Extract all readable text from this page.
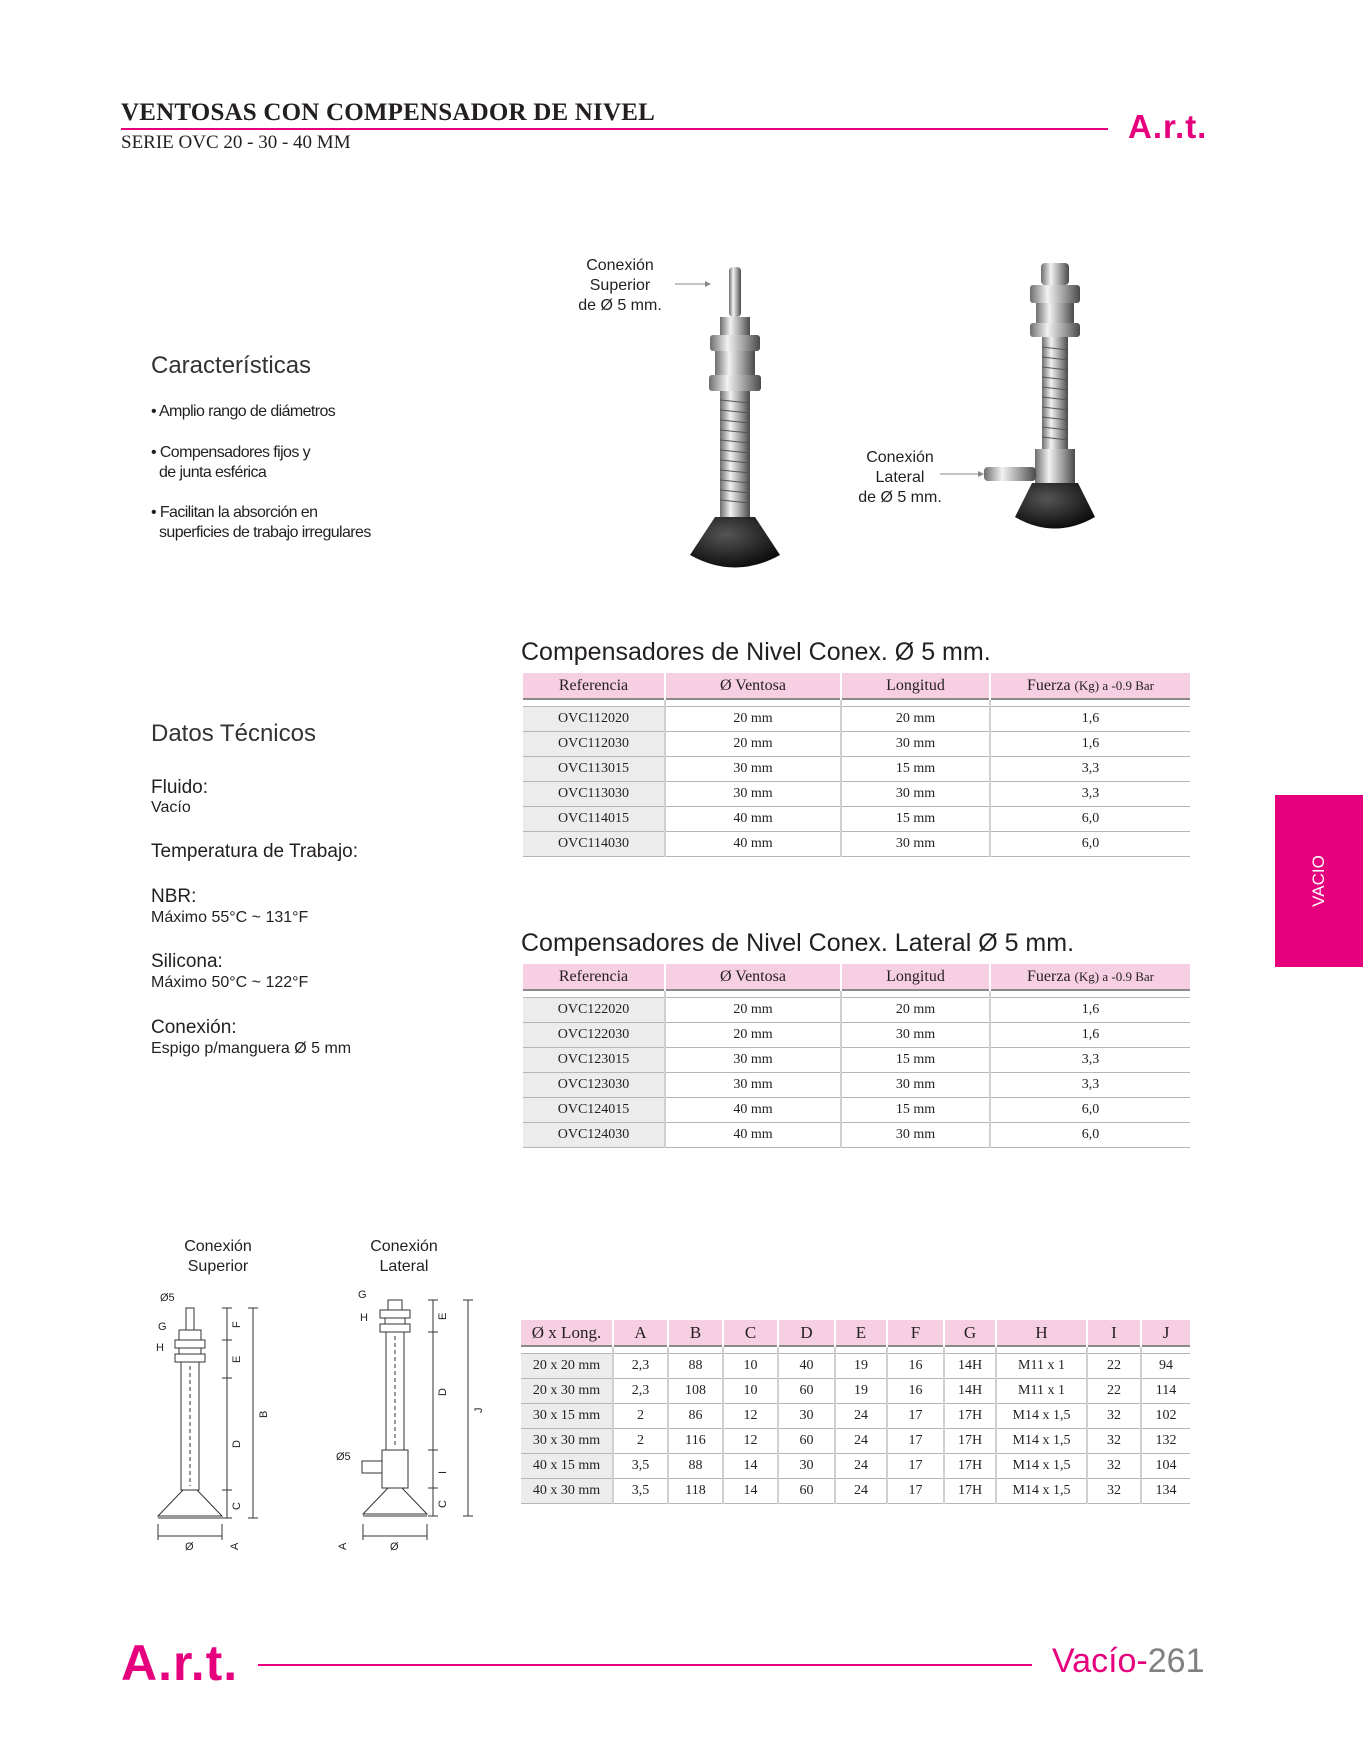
VENTOSAS CON COMPENSADOR DE NIVEL
SERIE OVC 20 - 30 - 40 MM	A.r.t.
VACIO
Características
• Amplio rango de diámetros
• Compensadores fijos y
de junta esférica
• Facilitan la absorción en
superficies de trabajo irregulares
Conexión
Superior
de Ø 5 mm.
Conexión
Lateral
de Ø 5 mm.
Datos Técnicos
Fluido:
Vacío
Temperatura de Trabajo:
NBR:
Máximo 55°C ~ 131°F
Silicona:
Máximo 50°C ~ 122°F
Conexión:
Espigo p/manguera Ø 5 mm
Compensadores de Nivel Conex. Ø 5 mm.
Referencia	Ø Ventosa	Longitud	Fuerza (Kg) a -0.9 Bar

OVC112020	20 mm	20 mm	1,6
OVC112030	20 mm	30 mm	1,6
OVC113015	30 mm	15 mm	3,3
OVC113030	30 mm	30 mm	3,3
OVC114015	40 mm	15 mm	6,0
OVC114030	40 mm	30 mm	6,0
Compensadores de Nivel Conex. Lateral Ø 5 mm.
Referencia	Ø Ventosa	Longitud	Fuerza (Kg) a -0.9 Bar

OVC122020	20 mm	20 mm	1,6
OVC122030	20 mm	30 mm	1,6
OVC123015	30 mm	15 mm	3,3
OVC123030	30 mm	30 mm	3,3
OVC124015	40 mm	15 mm	6,0
OVC124030	40 mm	30 mm	6,0
Conexión
Superior
Conexión
Lateral
Ø5
G
H
F
E
D
C
B
Ø	A
G
H
Ø5
E
D
I
C
J
Ø
A
Ø x Long.	A	B	C	D	E	F	G	H	I	J

20 x 20 mm	2,3	88	10	40	19	16	14H	M11 x 1	22	94
20 x 30 mm	2,3	108	10	60	19	16	14H	M11 x 1	22	114
30 x 15 mm	2	86	12	30	24	17	17H	M14 x 1,5	32	102
30 x 30 mm	2	116	12	60	24	17	17H	M14 x 1,5	32	132
40 x 15 mm	3,5	88	14	30	24	17	17H	M14 x 1,5	32	104
40 x 30 mm	3,5	118	14	60	24	17	17H	M14 x 1,5	32	134
A.r.t.	Vacío-261
